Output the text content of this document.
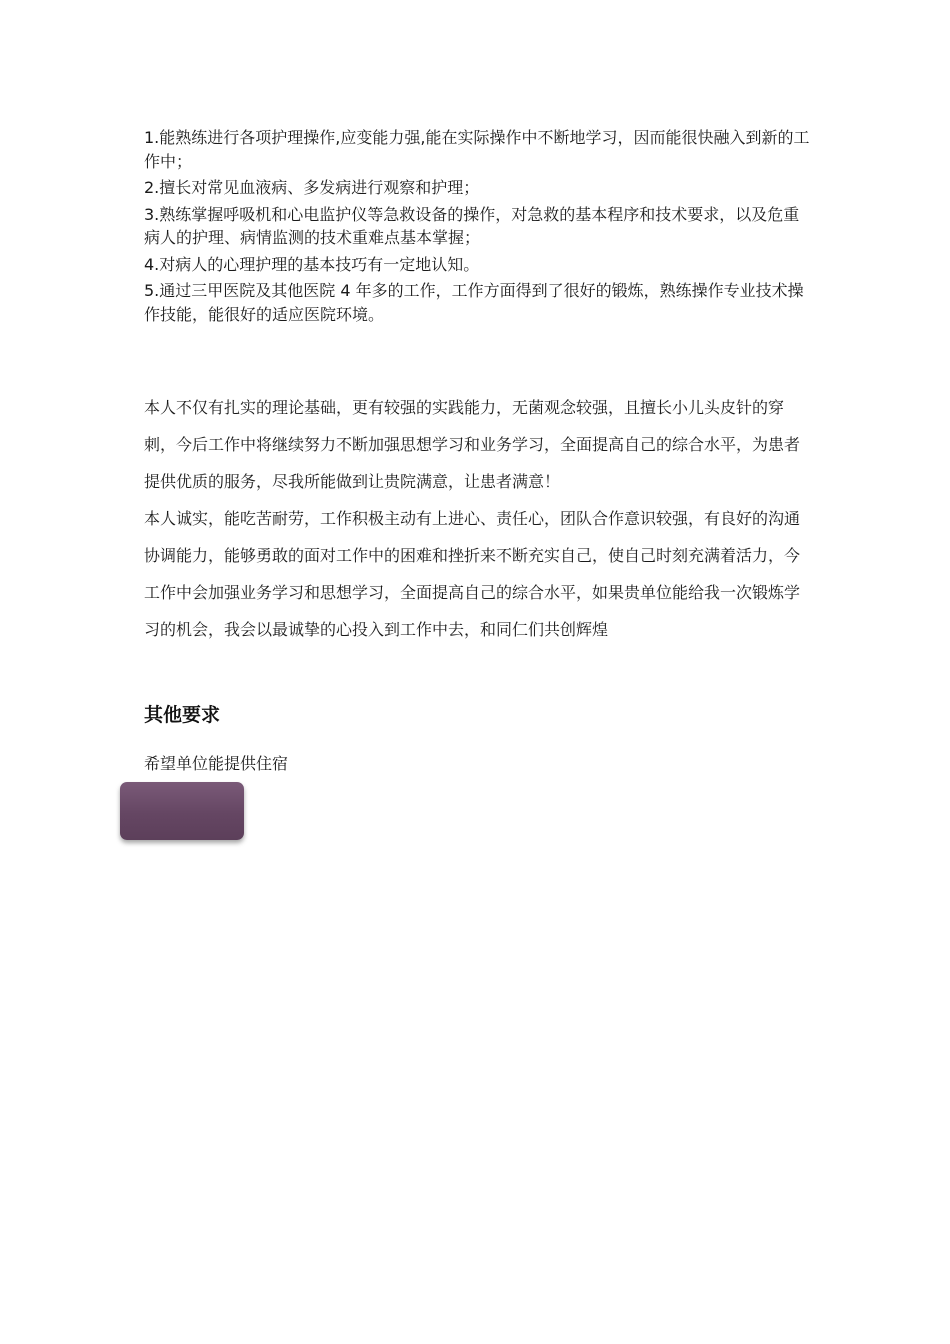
1.能熟练进行各项护理操作,应变能力强,能在实际操作中不断地学习，因而能很快融入到新的工作中；

2.擅长对常见血液病、多发病进行观察和护理；

3.熟练掌握呼吸机和心电监护仪等急救设备的操作，对急救的基本程序和技术要求，以及危重病人的护理、病情监测的技术重难点基本掌握；

4.对病人的心理护理的基本技巧有一定地认知。

5.通过三甲医院及其他医院 4 年多的工作，工作方面得到了很好的锻炼，熟练操作专业技术操作技能，能很好的适应医院环境。

本人不仅有扎实的理论基础，更有较强的实践能力，无菌观念较强，且擅长小儿头皮针的穿刺，今后工作中将继续努力不断加强思想学习和业务学习，全面提高自己的综合水平，为患者提供优质的服务，尽我所能做到让贵院满意，让患者满意！

本人诚实，能吃苦耐劳，工作积极主动有上进心、责任心，团队合作意识较强，有良好的沟通协调能力，能够勇敢的面对工作中的困难和挫折来不断充实自己，使自己时刻充满着活力，今工作中会加强业务学习和思想学习，全面提高自己的综合水平，如果贵单位能给我一次锻炼学习的机会，我会以最诚挚的心投入到工作中去，和同仁们共创辉煌

其他要求

希望单位能提供住宿
